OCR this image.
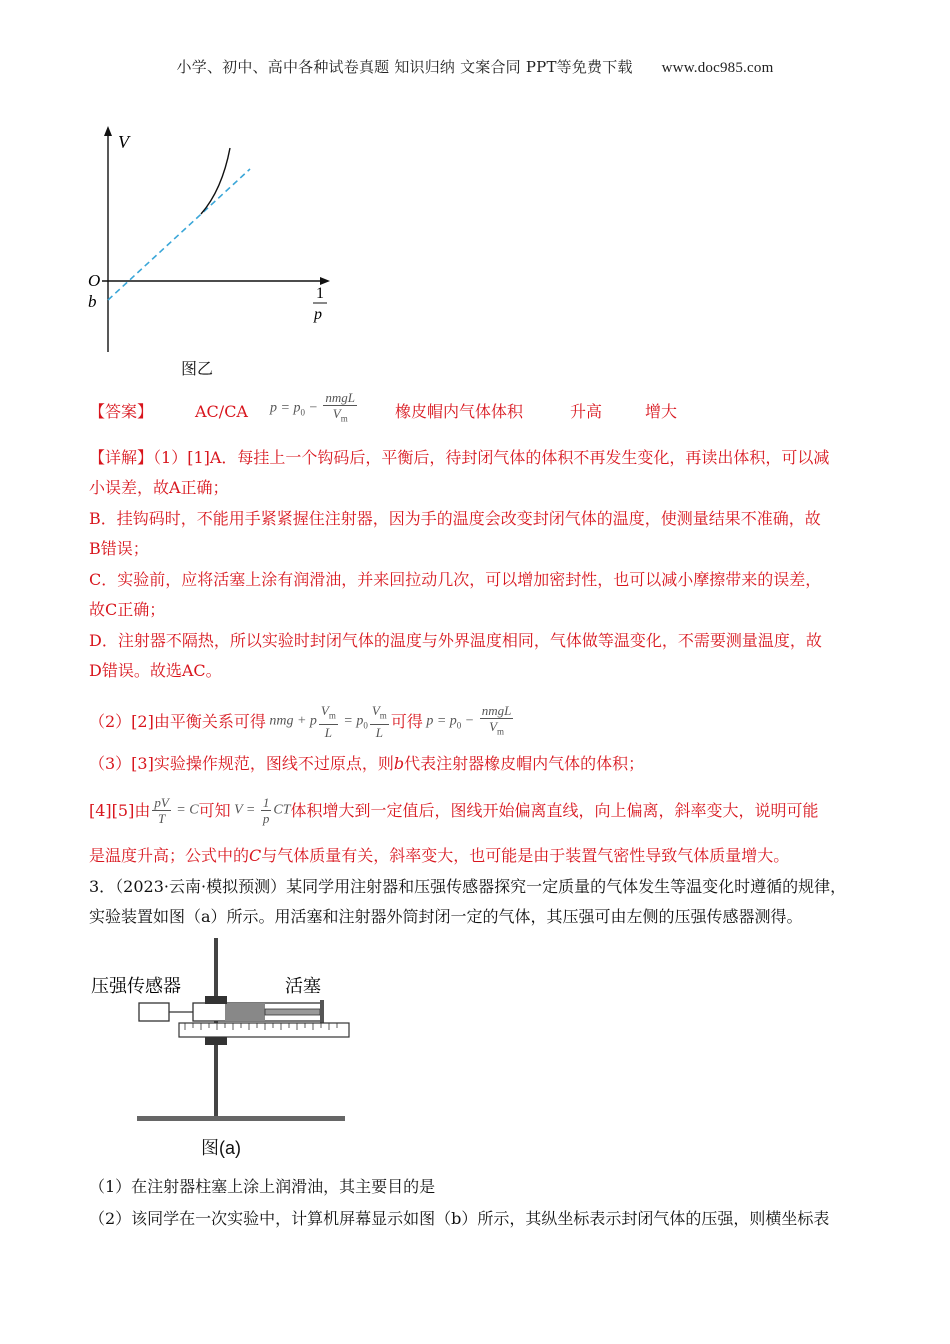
小学、初中、高中各种试卷真题 知识归纳 文案合同 PPT等免费下载 www.doc985.com
V
O
b	1
p
图乙
【答案】	AC/CA $p = p_0 - \frac{\text{nmgL}}{V_m}$ 橡皮帽内气体体积	升高	增大
【详解】（1）[1]A．每挂上一个钩码后，平衡后，待封闭气体的体积不再发生变化，再读出体积，可以减
小误差，故A正确；
B．挂钩码时，不能用手紧紧握住注射器，因为手的温度会改变封闭气体的温度，使测量结果不准确，故
B错误；
C．实验前，应将活塞上涂有润滑油，并来回拉动几次，可以增加密封性，也可以减小摩擦带来的误差，
故C正确；
D．注射器不隔热，所以实验时封闭气体的温度与外界温度相同，气体做等温变化，不需要测量温度，故
D错误。故选AC。
（2）[2]由平衡关系可得 nmg + p $\frac{V_m}{L} = p_0 \frac{V_m}{L}$ 可得 $p = p_0 - \frac{\text{nmgL}}{V_m}$
（3）[3]实验操作规范，图线不过原点，则b代表注射器橡皮帽内气体的体积；
[4][5]由 $\frac{pV}{T} = C$ 可知 $V = \frac{1}{p}$ CT 体积增大到一定值后，图线开始偏离直线，向上偏离，斜率变大，说明可能
是温度升高；公式中的C与气体质量有关，斜率变大，也可能是由于装置气密性导致气体质量增大。
3．（2023·云南·模拟预测）某同学用注射器和压强传感器探究一定质量的气体发生等温变化时遵循的规律，
实验装置如图（a）所示。用活塞和注射器外筒封闭一定的气体，其压强可由左侧的压强传感器测得。
压强传感器	活塞
图(a)
（1）在注射器柱塞上涂上润滑油，其主要目的是
（2）该同学在一次实验中，计算机屏幕显示如图（b）所示，其纵坐标表示封闭气体的压强，则横坐标表
